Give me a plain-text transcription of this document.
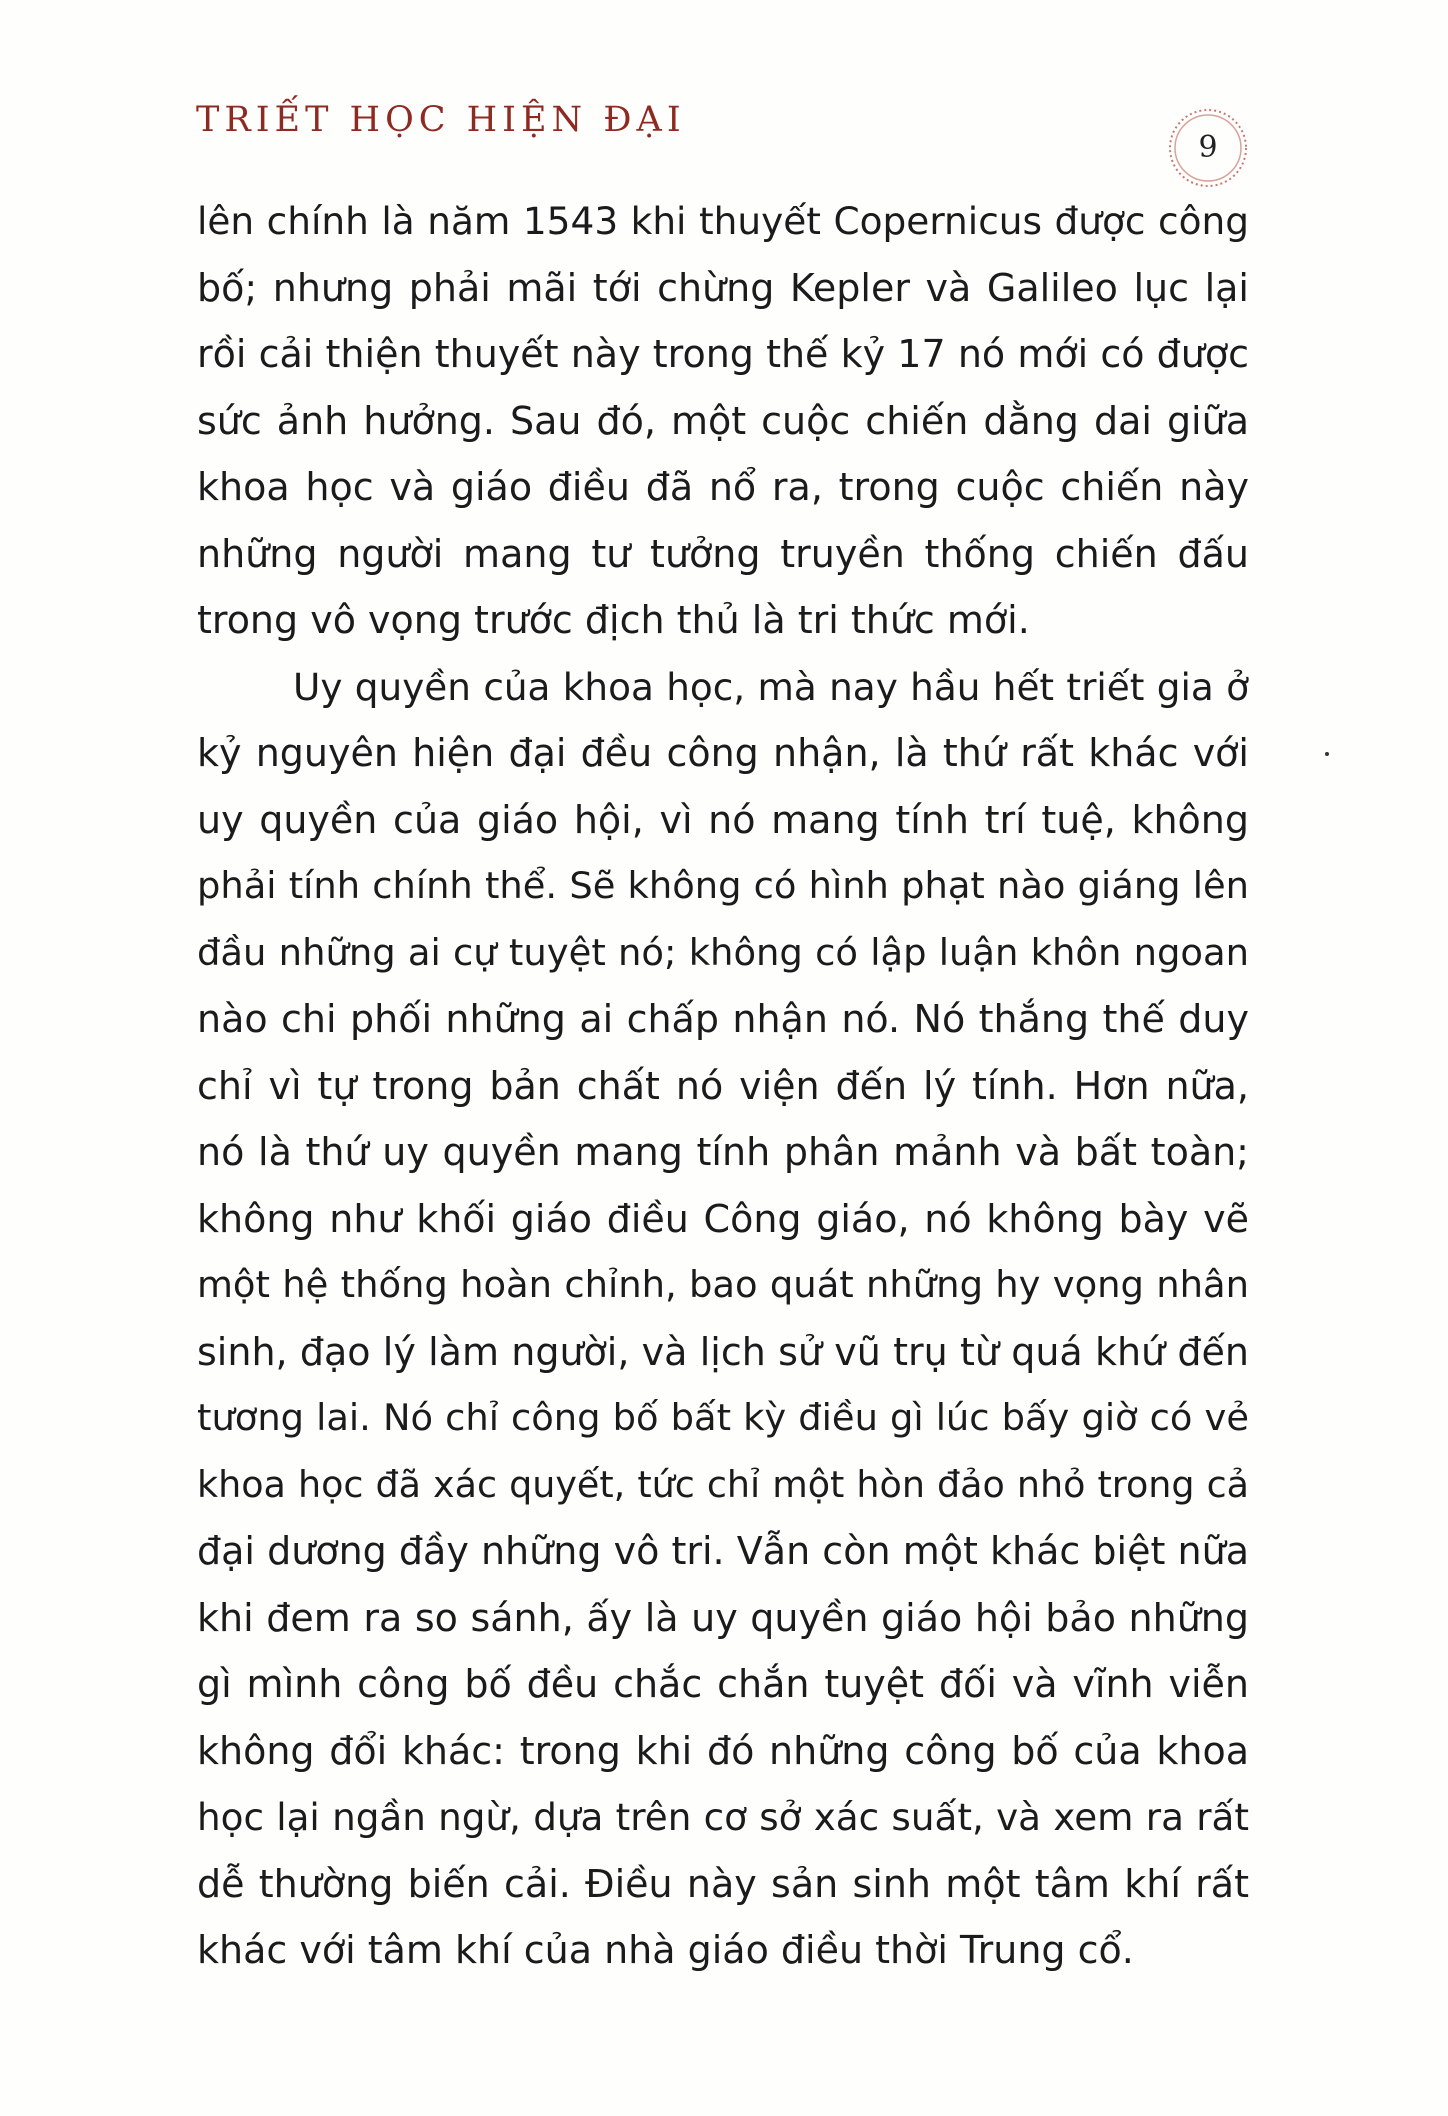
TRIẾT HỌC HIỆN ĐẠI
9
lên chính là năm 1543 khi thuyết Copernicus được công
bố; nhưng phải mãi tới chừng Kepler và Galileo lục lại
rồi cải thiện thuyết này trong thế kỷ 17 nó mới có được
sức ảnh hưởng. Sau đó, một cuộc chiến dằng dai giữa
khoa học và giáo điều đã nổ ra, trong cuộc chiến này
những người mang tư tưởng truyền thống chiến đấu
trong vô vọng trước địch thủ là tri thức mới.
Uy quyền của khoa học, mà nay hầu hết triết gia ở
kỷ nguyên hiện đại đều công nhận, là thứ rất khác với
uy quyền của giáo hội, vì nó mang tính trí tuệ, không
phải tính chính thể. Sẽ không có hình phạt nào giáng lên
đầu những ai cự tuyệt nó; không có lập luận khôn ngoan
nào chi phối những ai chấp nhận nó. Nó thắng thế duy
chỉ vì tự trong bản chất nó viện đến lý tính. Hơn nữa,
nó là thứ uy quyền mang tính phân mảnh và bất toàn;
không như khối giáo điều Công giáo, nó không bày vẽ
một hệ thống hoàn chỉnh, bao quát những hy vọng nhân
sinh, đạo lý làm người, và lịch sử vũ trụ từ quá khứ đến
tương lai. Nó chỉ công bố bất kỳ điều gì lúc bấy giờ có vẻ
khoa học đã xác quyết, tức chỉ một hòn đảo nhỏ trong cả
đại dương đầy những vô tri. Vẫn còn một khác biệt nữa
khi đem ra so sánh, ấy là uy quyền giáo hội bảo những
gì mình công bố đều chắc chắn tuyệt đối và vĩnh viễn
không đổi khác: trong khi đó những công bố của khoa
học lại ngần ngừ, dựa trên cơ sở xác suất, và xem ra rất
dễ thường biến cải. Điều này sản sinh một tâm khí rất
khác với tâm khí của nhà giáo điều thời Trung cổ.
